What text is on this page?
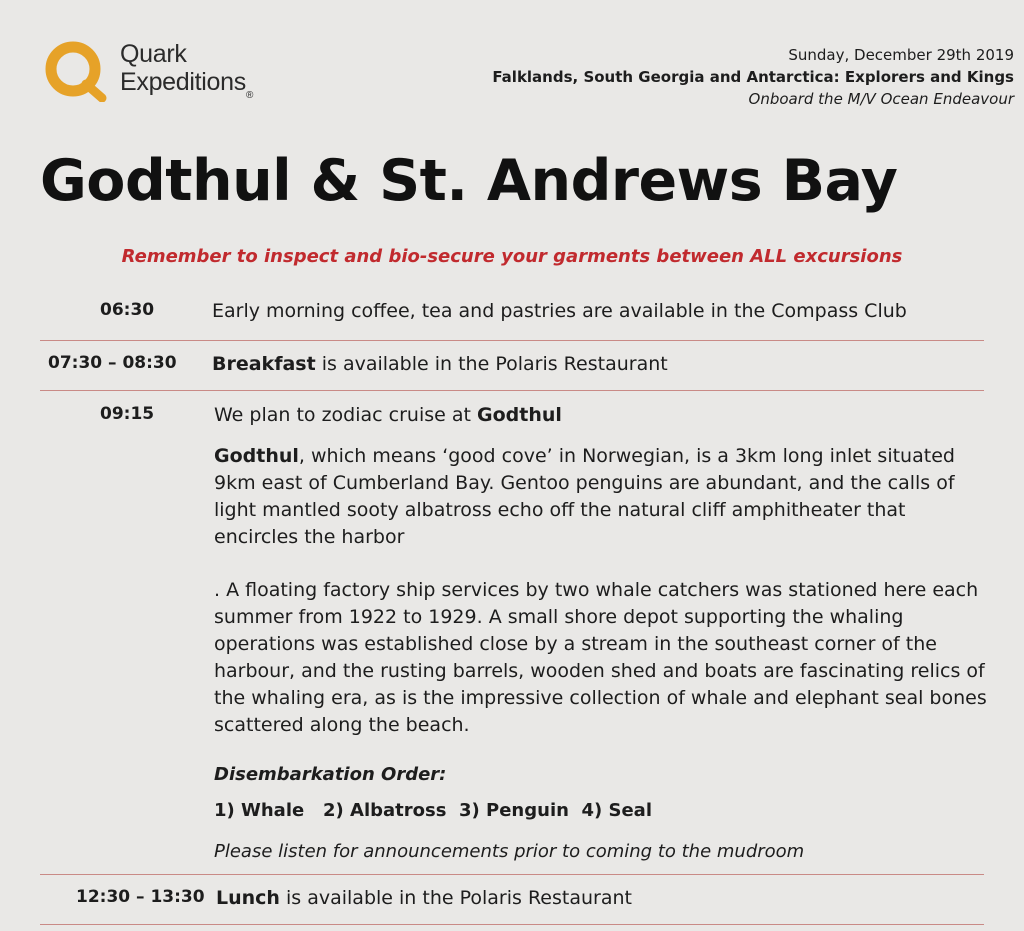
Quark
Expeditions®
Sunday, December 29th 2019
Falklands, South Georgia and Antarctica: Explorers and Kings
Onboard the M/V Ocean Endeavour
Godthul & St. Andrews Bay
Remember to inspect and bio-secure your garments between ALL excursions
06:30	Early morning coffee, tea and pastries are available in the Compass Club
07:30 – 08:30 Breakfast is available in the Polaris Restaurant
09:15	We plan to zodiac cruise at Godthul

Godthul, which means ‘good cove’ in Norwegian, is a 3km long inlet situated 9km east of Cumberland Bay. Gentoo penguins are abundant, and the calls of light mantled sooty albatross echo off the natural cliff amphitheater that encircles the harbor

. A floating factory ship services by two whale catchers was stationed here each summer from 1922 to 1929. A small shore depot supporting the whaling operations was established close by a stream in the southeast corner of the harbour, and the rusting barrels, wooden shed and boats are fascinating relics of the whaling era, as is the impressive collection of whale and elephant seal bones scattered along the beach.

Disembarkation Order:
1) Whale 2) Albatross 3) Penguin 4) Seal
Please listen for announcements prior to coming to the mudroom
12:30 – 13:30 Lunch is available in the Polaris Restaurant
